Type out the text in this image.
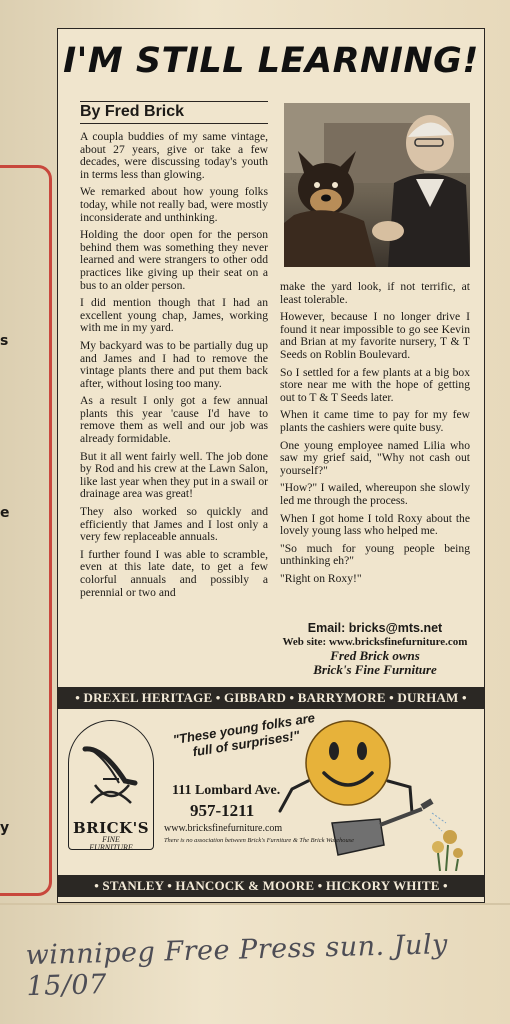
s
e
y
I'M STILL LEARNING!
By Fred Brick

A coupla buddies of my same vintage, about 27 years, give or take a few decades, were discussing today's youth in terms less than glowing.

We remarked about how young folks today, while not really bad, were mostly inconsiderate and unthinking.

Holding the door open for the person behind them was something they never learned and were strangers to other odd practices like giving up their seat on a bus to an older person.

I did mention though that I had an excellent young chap, James, working with me in my yard.

My backyard was to be partially dug up and James and I had to remove the vintage plants there and put them back after, without losing too many.

As a result I only got a few annual plants this year 'cause I'd have to remove them as well and our job was already formidable.

But it all went fairly well. The job done by Rod and his crew at the Lawn Salon, like last year when they put in a swail or drainage area was great!

They also worked so quickly and efficiently that James and I lost only a very few replaceable annuals.

I further found I was able to scramble, even at this late date, to get a few colorful annuals and possibly a perennial or two and

make the yard look, if not terrific, at least tolerable.

However, because I no longer drive I found it near impossible to go see Kevin and Brian at my favorite nursery, T & T Seeds on Roblin Boulevard.

So I settled for a few plants at a big box store near me with the hope of getting out to T & T Seeds later.

When it came time to pay for my few plants the cashiers were quite busy.

One young employee named Lilia who saw my grief said, "Why not cash out yourself?"

"How?" I wailed, whereupon she slowly led me through the process.

When I got home I told Roxy about the lovely young lass who helped me.

"So much for young people being unthinking eh?"

"Right on Roxy!"

Email: bricks@mts.net
Web site: www.bricksfinefurniture.com
Fred Brick owns
Brick's Fine Furniture
• DREXEL HERITAGE • GIBBARD • BARRYMORE • DURHAM •
BRICK'S
FINE
FURNITURE
"These young folks are full of surprises!"
111 Lombard Ave.
957-1211
www.bricksfinefurniture.com
There is no association between Brick's Furniture & The Brick Warehouse
• STANLEY • HANCOCK & MOORE • HICKORY WHITE •
winnipeg Free Press sun. July 15/07
